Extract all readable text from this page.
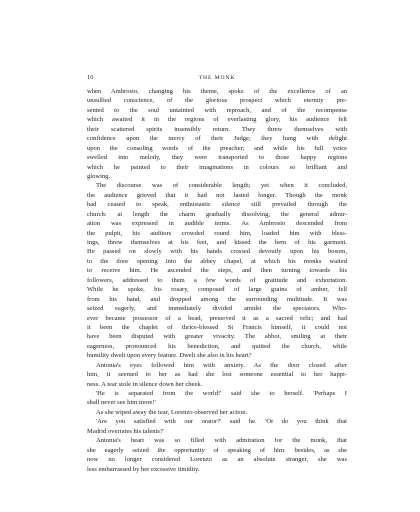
16	THE MONK
when Ambrosio, changing his theme, spoke of the excellence of an
unsullied conscience, of the glorious prospect which eternity pre-
sented to the soul untainted with reproach, and of the recompense
which awaited it in the regions of everlasting glory, his audience felt
their scattered spirits insensibly return. They threw themselves with
confidence upon the mercy of their Judge; they hung with delight
upon the consoling words of the preacher; and while his full voice
swelled into melody, they were transported to those happy regions
which he painted to their imaginations in colours so brilliant and
glowing.
The discourse was of considerable length; yet when it concluded,
the audience grieved that it had not lasted longer. Though the monk
had ceased to speak, enthusiastic silence still prevailed through the
church: at length the charm gradually dissolving, the general admir-
ation was expressed in audible terms. As Ambrosio descended from
the pulpit, his auditors crowded round him, loaded him with bless-
ings, threw themselves at his feet, and kissed the hem of his garment.
He passed on slowly with his hands crossed devoutly upon his bosom,
to the door opening into the abbey chapel, at which his monks waited
to receive him. He ascended the steps, and then turning towards his
followers, addressed to them a few words of gratitude and exhortation.
While he spoke, his rosary, composed of large grains of amber, fell
from his hand, and dropped among the surrounding multitude. It was
seized eagerly, and immediately divided amidst the spectators. Who-
ever became possessor of a bead, preserved it as a sacred relic; and had
it been the chaplet of thrice-blessed St Francis himself, it could not
have been disputed with greater vivacity. The abbot, smiling at their
eagerness, pronounced his benediction, and quitted the church, while
humility dwelt upon every feature. Dwelt she also in his heart?
Antonia's eyes followed him with anxiety. As the door closed after
him, it seemed to her as had she lost someone essential to her happi-
ness. A tear stole in silence down her cheek.
'He is separated from the world!' said she to herself. 'Perhaps I
shall never see him more!'
As she wiped away the tear, Lorenzo observed her action.
'Are you satisfied with our orator?' said he. 'Or do you think that
Madrid overrates his talents?'
Antonia's heart was so filled with admiration for the monk, that
she eagerly seized the opportunity of speaking of him: besides, as she
now no longer considered Lorenzo as an absolute stranger, she was
less embarrassed by her excessive timidity.
